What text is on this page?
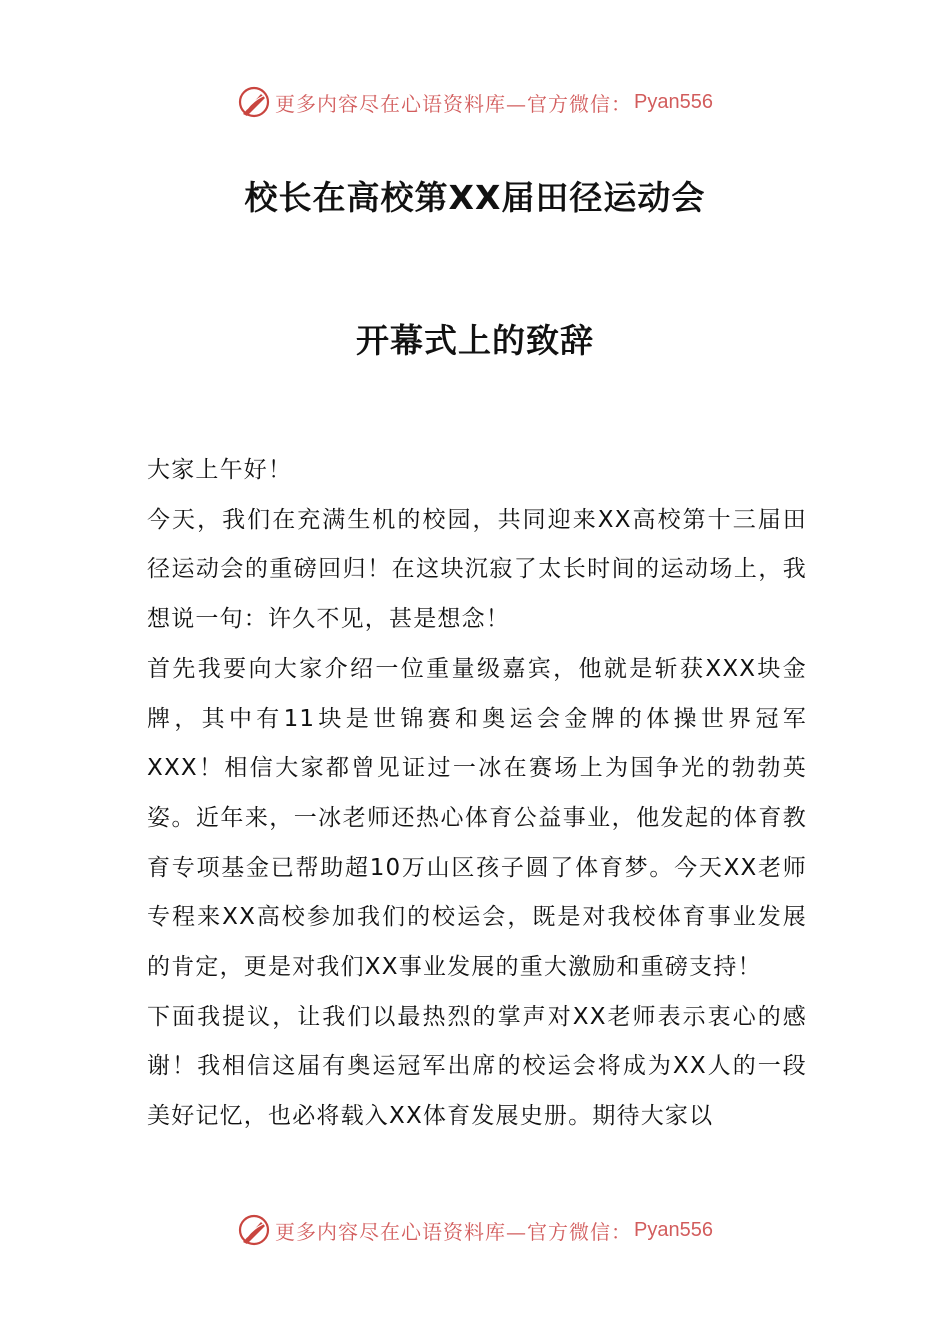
更多内容尽在心语资料库—官方微信： Pyan556
校长在高校第XX届田径运动会
开幕式上的致辞

大家上午好！

今天，我们在充满生机的校园，共同迎来XX高校第十三届田径运动会的重磅回归！在这块沉寂了太长时间的运动场上，我想说一句：许久不见，甚是想念！

首先我要向大家介绍一位重量级嘉宾，他就是斩获XXX块金牌，其中有11块是世锦赛和奥运会金牌的体操世界冠军XXX！相信大家都曾见证过一冰在赛场上为国争光的勃勃英姿。近年来，一冰老师还热心体育公益事业，他发起的体育教育专项基金已帮助超10万山区孩子圆了体育梦。今天XX老师专程来XX高校参加我们的校运会，既是对我校体育事业发展的肯定，更是对我们XX事业发展的重大激励和重磅支持！

下面我提议，让我们以最热烈的掌声对XX老师表示衷心的感谢！我相信这届有奥运冠军出席的校运会将成为XX人的一段美好记忆，也必将载入XX体育发展史册。期待大家以

更多内容尽在心语资料库—官方微信： Pyan556
